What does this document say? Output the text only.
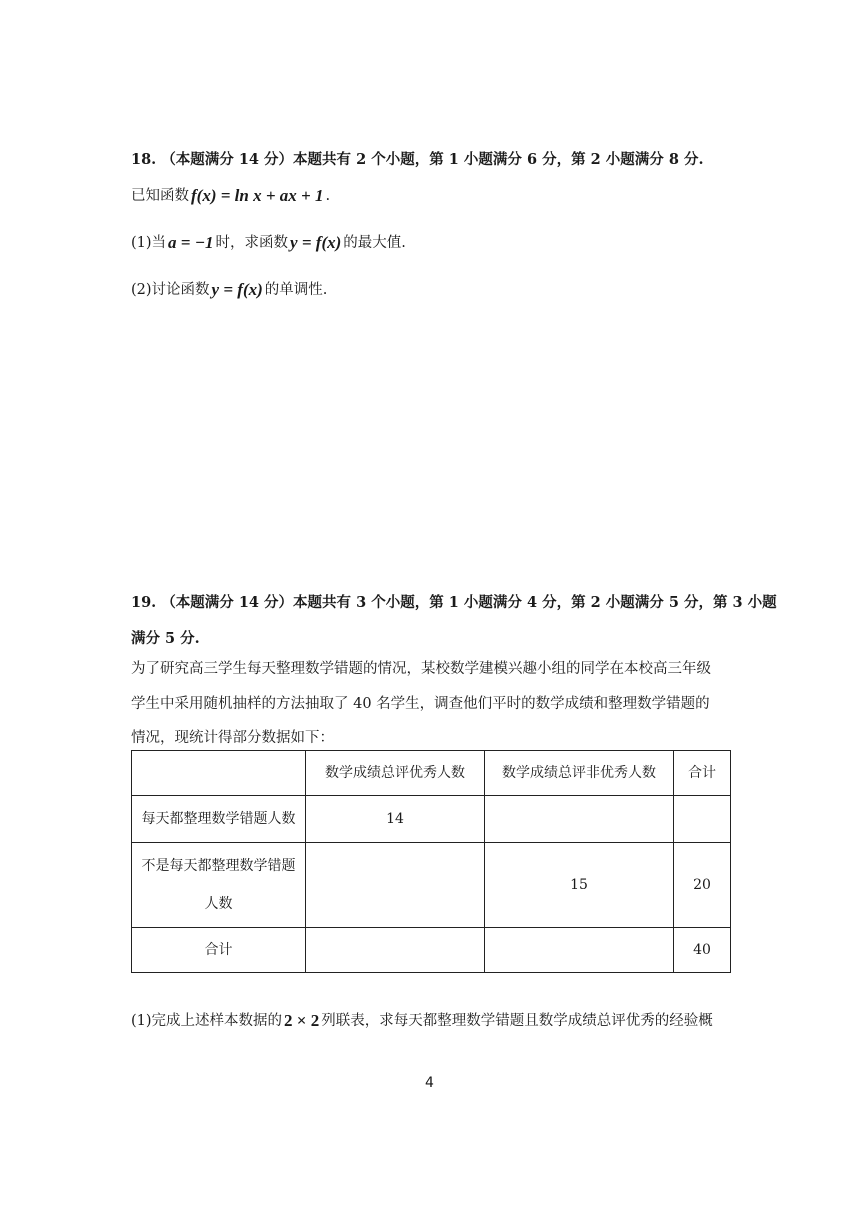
18. （本题满分 14 分）本题共有 2 个小题，第 1 小题满分 6 分，第 2 小题满分 8 分.
已知函数 f(x) = ln x + ax + 1 .
(1)当 a = −1 时，求函数 y = f(x) 的最大值.
(2)讨论函数 y = f(x) 的单调性.
19. （本题满分 14 分）本题共有 3 个小题，第 1 小题满分 4 分，第 2 小题满分 5 分，第 3 小题
满分 5 分.
为了研究高三学生每天整理数学错题的情况，某校数学建模兴趣小组的同学在本校高三年级
学生中采用随机抽样的方法抽取了 40 名学生，调查他们平时的数学成绩和整理数学错题的
情况，现统计得部分数据如下：
	数学成绩总评优秀人数	数学成绩总评非优秀人数	合计
每天都整理数学错题人数	14		
不是每天都整理数学错题人数		15	20
合计			40
(1)完成上述样本数据的 2 × 2 列联表，求每天都整理数学错题且数学成绩总评优秀的经验概
4
